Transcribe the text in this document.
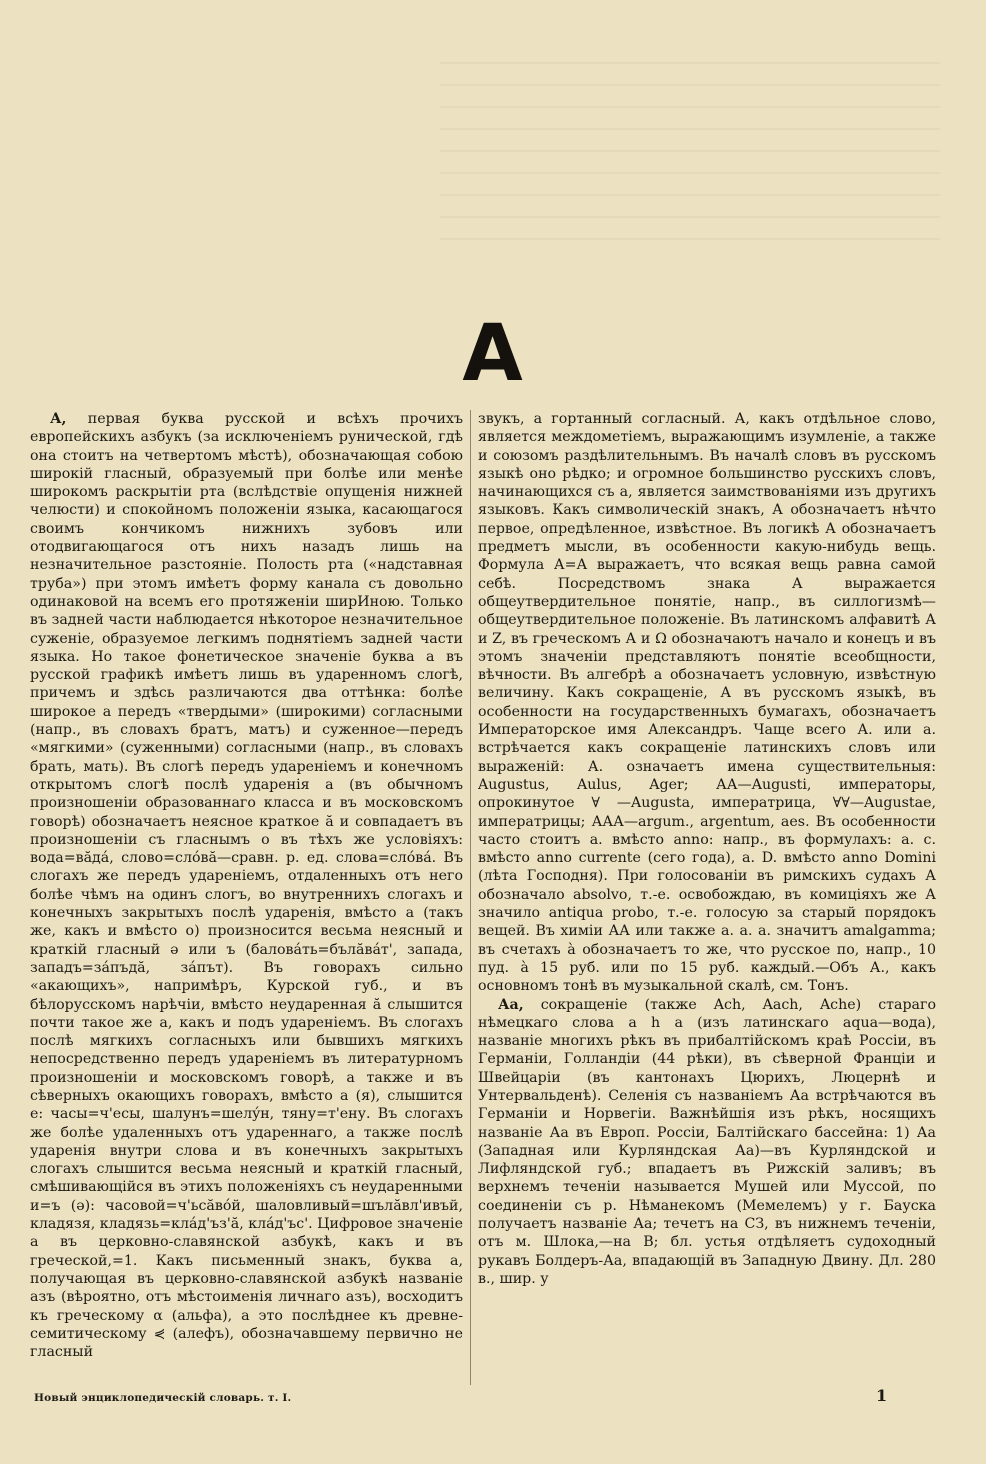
А

А, первая буква русской и всѣхъ прочихъ европейскихъ азбукъ (за исключенiемъ рунической, гдѣ она стоитъ на четвертомъ мѣстѣ), обозначающая собою широкiй гласный, образуемый при болѣе или менѣе широкомъ раскрытiи рта (вслѣдствiе опущенiя нижней челюсти) и спокойномъ положенiи языка, касающагося своимъ кончикомъ нижнихъ зубовъ или отодвигающагося отъ нихъ назадъ лишь на незначительное разстоянiе. Полость рта («надставная труба») при этомъ имѣетъ форму канала съ довольно одинаковой на всемъ его протяженiи ширИною. Только въ задней части наблюдается нѣкоторое незначительное суженiе, образуемое легкимъ поднятiемъ задней части языка. Но такое фонетическое значенiе буква а въ русской графикѣ имѣетъ лишь въ ударенномъ слогѣ, причемъ и здѣсь различаются два оттѣнка: болѣе широкое а передъ «твердыми» (широкими) согласными (напр., въ словахъ братъ, матъ) и суженное—передъ «мягкими» (суженными) согласными (напр., въ словахъ брать, мать). Въ слогѣ передъ ударенiемъ и конечномъ открытомъ слогѣ послѣ ударенiя а (въ обычномъ произношенiи образованнаго класса и въ московскомъ говорѣ) обозначаетъ неясное краткое ă и совпадаетъ въ произношенiи съ гласнымъ о въ тѣхъ же условiяхъ: вода=вăдá, слово=слóвă—сравн. р. ед. слова=слóвá. Въ слогахъ же передъ ударенiемъ, отдаленныхъ отъ него болѣе чѣмъ на одинъ слогъ, во внутреннихъ слогахъ и конечныхъ закрытыхъ послѣ ударенiя, вмѣсто а (такъ же, какъ и вмѣсто о) произносится весьма неясный и краткiй гласный ә или ъ (баловáть=бълăвáт', запада, западъ=зáпъдă, зáпът). Въ говорахъ сильно «акающихъ», напримѣръ, Курской губ., и въ бѣлорусскомъ нарѣчiи, вмѣсто неударенная ă слышится почти такое же а, какъ и подъ ударенiемъ. Въ слогахъ послѣ мягкихъ согласныхъ или бывшихъ мягкихъ непосредственно передъ ударенiемъ въ литературномъ произношенiи и московскомъ говорѣ, а также и въ сѣверныхъ окающихъ говорахъ, вмѣсто а (я), слышится е: часы=ч'есы, шалунъ=шелýн, тяну=т'ену. Въ слогахъ же болѣе удаленныхъ отъ удареннаго, а также послѣ ударенiя внутри слова и въ конечныхъ закрытыхъ слогахъ слышится весьма неясный и краткiй гласный, смѣшивающiйся въ этихъ положенiяхъ съ неударенными и=ъ (ә): часовой=ч'ьсăвóй, шаловливый=шълăвл'ивъй, кладязя, кладязь=клáд'ъз'ă, клáд'ъс'. Цифровое значенiе а въ церковно-славянской азбукѣ, какъ и въ греческой,=1. Какъ письменный знакъ, буква а, получающая въ церковно-славянской азбукѣ названiе азъ (вѣроятно, отъ мѣстоименiя личнаго азъ), восходитъ къ греческому α (альфа), а это послѣднее къ древне-семитическому ⋞ (алефъ), обозначавшему первично не гласный

звукъ, а гортанный согласный. А, какъ отдѣльное слово, является междометiемъ, выражающимъ изумленiе, а также и союзомъ раздѣлительнымъ. Въ началѣ словъ въ русскомъ языкѣ оно рѣдко; и огромное большинство русскихъ словъ, начинающихся съ а, является заимствованiями изъ другихъ языковъ. Какъ символическiй знакъ, А обозначаетъ нѣчто первое, опредѣленное, извѣстное. Въ логикѣ А обозначаетъ предметъ мысли, въ особенности какую-нибудь вещь. Формула А=А выражаетъ, что всякая вещь равна самой себѣ. Посредствомъ знака А выражается общеутвердительное понятiе, напр., въ силлогизмѣ—общеутвердительное положенiе. Въ латинскомъ алфавитѣ А и Z, въ греческомъ А и Ω обозначаютъ начало и конецъ и въ этомъ значенiи представляютъ понятiе всеобщности, вѣчности. Въ алгебрѣ а обозначаетъ условную, извѣстную величину. Какъ сокращенiе, А въ русскомъ языкѣ, въ особенности на государственныхъ бумагахъ, обозначаетъ Императорское имя Александръ. Чаще всего А. или а. встрѣчается какъ сокращенiе латинскихъ словъ или выраженiй: А. означаетъ имена существительныя: Augustus, Aulus, Ager; АА—Augusti, императоры, опрокинутое ∀ —Augusta, императрица, ∀∀—Augustae, императрицы; ААА—argum., argentum, aes. Въ особенности часто стоитъ а. вмѣсто anno: напр., въ формулахъ: а. с. вмѣсто anno currente (сего года), а. D. вмѣсто anno Domini (лѣта Господня). При голосованiи въ римскихъ судахъ А обозначало absolvo, т.-е. освобождаю, въ комицiяхъ же А значило antiqua probo, т.-е. голосую за старый порядокъ вещей. Въ химiи АА или также а. а. а. значитъ amalgamma; въ счетахъ à обозначаетъ то же, что русское по, напр., 10 пуд. à 15 руб. или по 15 руб. каждый.—Объ А., какъ основномъ тонѣ въ музыкальной скалѣ, см. Тонъ.

Аа, сокращенiе (также Ach, Aach, Ache) стараго нѣмецкаго слова a h a (изъ латинскаго aqua—вода), названiе многихъ рѣкъ въ прибалтiйскомъ краѣ Россiи, въ Германiи, Голландiи (44 рѣки), въ сѣверной Францiи и Швейцарiи (въ кантонахъ Цюрихъ, Люцернѣ и Унтервальденѣ). Селенiя съ названiемъ Аа встрѣчаются въ Германiи и Норвегiи. Важнѣйшiя изъ рѣкъ, носящихъ названiе Аа въ Европ. Россiи, Балтiйскаго бассейна: 1) Аа (Западная или Курляндская Аа)—въ Курляндской и Лифляндской губ.; впадаетъ въ Рижскiй заливъ; въ верхнемъ теченiи называется Мушей или Муссой, по соединенiи съ р. Нѣманекомъ (Мемелемъ) у г. Бауска получаетъ названiе Аа; течетъ на СЗ, въ нижнемъ теченiи, отъ м. Шлока,—на В; бл. устья отдѣляетъ судоходный рукавъ Болдеръ-Аа, впадающiй въ Западную Двину. Дл. 280 в., шир. у

Новый энциклопедическiй словарь. т. I.	1
